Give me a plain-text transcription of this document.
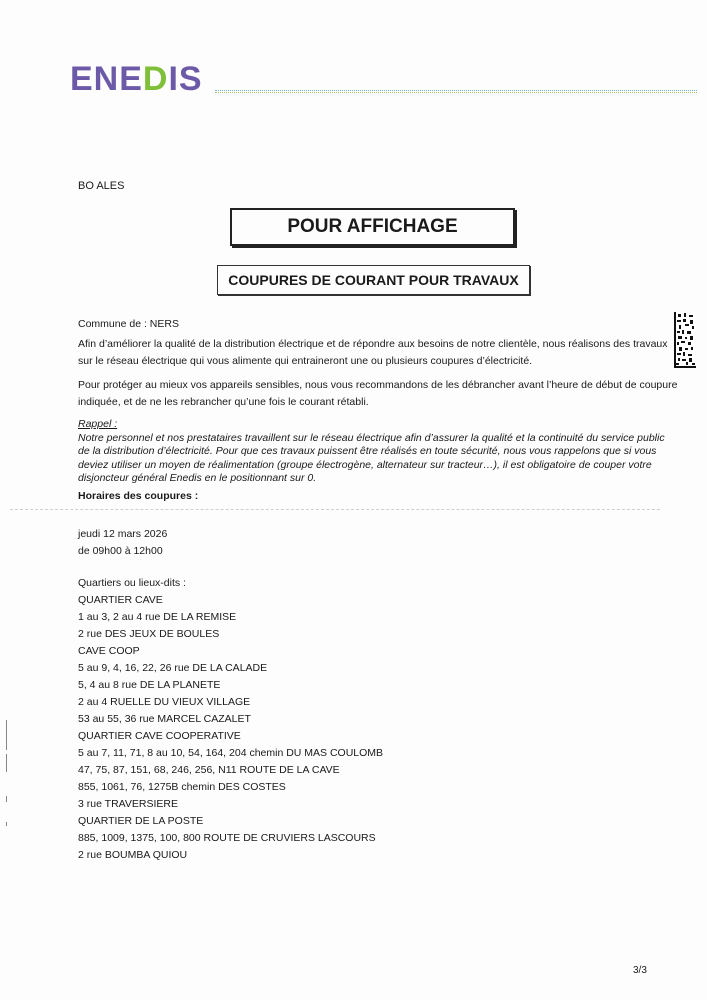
ENEDIS
BO ALES
POUR AFFICHAGE
COUPURES DE COURANT POUR TRAVAUX
Commune de : NERS
Afin d’améliorer la qualité de la distribution électrique et de répondre aux besoins de notre clientèle, nous réalisons des travaux sur le réseau électrique qui vous alimente qui entraineront une ou plusieurs coupures d’électricité.
Pour protéger au mieux vos appareils sensibles, nous vous recommandons de les débrancher avant l’heure de début de coupure indiquée, et de ne les rebrancher qu’une fois le courant rétabli.
Rappel :
Notre personnel et nos prestataires travaillent sur le réseau électrique afin d’assurer la qualité et la continuité du service public de la distribution d’électricité. Pour que ces travaux puissent être réalisés en toute sécurité, nous vous rappelons que si vous deviez utiliser un moyen de réalimentation (groupe électrogène, alternateur sur tracteur…), il est obligatoire de couper votre disjoncteur général Enedis en le positionnant sur 0.
Horaires des coupures :
jeudi 12 mars 2026
de 09h00 à 12h00
Quartiers ou lieux-dits :
QUARTIER CAVE
1 au 3, 2 au 4 rue DE LA REMISE
2 rue DES JEUX DE BOULES
CAVE COOP
5 au 9, 4, 16, 22, 26 rue DE LA CALADE
5, 4 au 8 rue DE LA PLANETE
2 au 4 RUELLE DU VIEUX VILLAGE
53 au 55, 36 rue MARCEL CAZALET
QUARTIER CAVE COOPERATIVE
5 au 7, 11, 71, 8 au 10, 54, 164, 204 chemin DU MAS COULOMB
47, 75, 87, 151, 68, 246, 256, N11 ROUTE DE LA CAVE
855, 1061, 76, 1275B chemin DES COSTES
3 rue TRAVERSIERE
QUARTIER DE LA POSTE
885, 1009, 1375, 100, 800 ROUTE DE CRUVIERS LASCOURS
2 rue BOUMBA QUIOU
3/3
